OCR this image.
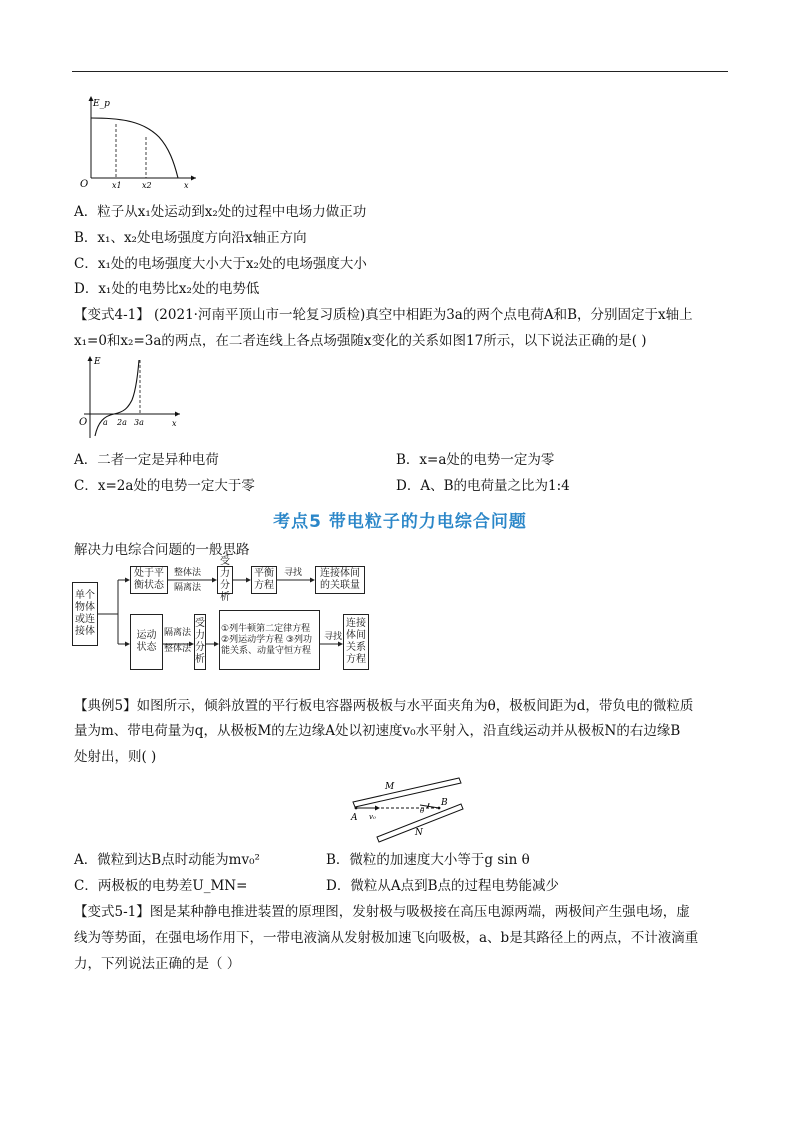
E_p
O	x1	x2	x
A．粒子从x₁处运动到x₂处的过程中电场力做正功
B．x₁、x₂处电场强度方向沿x轴正方向
C．x₁处的电场强度大小大于x₂处的电场强度大小
D．x₁处的电势比x₂处的电势低
【变式4-1】 (2021·河南平顶山市一轮复习质检)真空中相距为3a的两个点电荷A和B，分别固定于x轴上
x₁=0和x₂=3a的两点，在二者连线上各点场强随x变化的关系如图17所示，以下说法正确的是( )
E
O a 2a 3a	x
A．二者一定是异种电荷	B．x=a处的电势一定为零
C．x=2a处的电势一定大于零	D．A、B的电荷量之比为1:4
考点5 带电粒子的力电综合问题
解决力电综合问题的一般思路
单个物体或连接体
处于平衡状态
整体法
隔离法
受力分析
平衡方程
寻找	连接体间的关联量
运动状态
隔离法
整体法
受力分析
①列牛顿第二定律方程 ②列运动学方程 ③列功能关系、动量守恒方程
寻找
连接体间关系方程
【典例5】如图所示，倾斜放置的平行板电容器两极板与水平面夹角为θ，极板间距为d，带负电的微粒质
量为m、带电荷量为q，从极板M的左边缘A处以初速度v₀水平射入，沿直线运动并从极板N的右边缘B
处射出，则( )
M
N
A
B
v₀
θ
A．微粒到达B点时动能为mv₀²	B．微粒的加速度大小等于g sin θ
C．两极板的电势差U_MN=	D．微粒从A点到B点的过程电势能减少
【变式5-1】图是某种静电推进装置的原理图，发射极与吸极接在高压电源两端，两极间产生强电场，虚
线为等势面，在强电场作用下，一带电液滴从发射极加速飞向吸极，a、b是其路径上的两点，不计液滴重
力，下列说法正确的是（ ）
